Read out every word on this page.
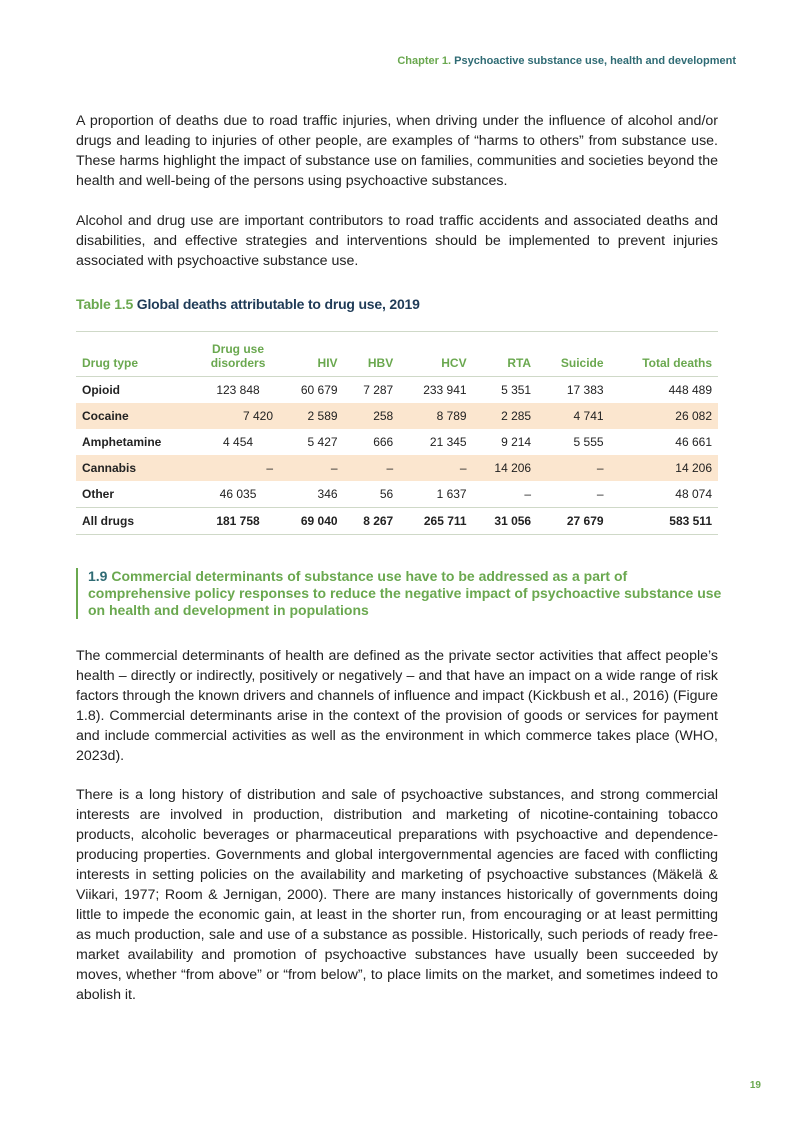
Chapter 1. Psychoactive substance use, health and development

A proportion of deaths due to road traffic injuries, when driving under the influence of alcohol and/or drugs and leading to injuries of other people, are examples of “harms to others” from substance use. These harms highlight the impact of substance use on families, communities and societies beyond the health and well-being of the persons using psychoactive substances.

Alcohol and drug use are important contributors to road traffic accidents and associated deaths and disabilities, and effective strategies and interventions should be implemented to prevent injuries associated with psychoactive substance use.

Table 1.5 Global deaths attributable to drug use, 2019
Drug type	Drug use disorders	HIV	HBV	HCV	RTA	Suicide	Total deaths
Opioid	123 848	60 679	7 287	233 941	5 351	17 383	448 489
Cocaine	7 420	2 589	258	8 789	2 285	4 741	26 082
Amphetamine	4 454	5 427	666	21 345	9 214	5 555	46 661
Cannabis	–	–	–	–	14 206	–	14 206
Other	46 035	346	56	1 637	–	–	48 074
All drugs	181 758	69 040	8 267	265 711	31 056	27 679	583 511
1.9 Commercial determinants of substance use have to be addressed as a part of comprehensive policy responses to reduce the negative impact of psychoactive substance use on health and development in populations

The commercial determinants of health are defined as the private sector activities that affect people’s health – directly or indirectly, positively or negatively – and that have an impact on a wide range of risk factors through the known drivers and channels of influence and impact (Kickbush et al., 2016) (Figure 1.8). Commercial determinants arise in the context of the provision of goods or services for payment and include commercial activities as well as the environment in which commerce takes place (WHO, 2023d).

There is a long history of distribution and sale of psychoactive substances, and strong commercial interests are involved in production, distribution and marketing of nicotine-containing tobacco products, alcoholic beverages or pharmaceutical preparations with psychoactive and dependence-producing properties. Governments and global intergovernmental agencies are faced with conflicting interests in setting policies on the availability and marketing of psychoactive substances (Mäkelä & Viikari, 1977; Room & Jernigan, 2000). There are many instances historically of governments doing little to impede the economic gain, at least in the shorter run, from encouraging or at least permitting as much production, sale and use of a substance as possible. Historically, such periods of ready free-market availability and promotion of psychoactive substances have usually been succeeded by moves, whether “from above” or “from below”, to place limits on the market, and sometimes indeed to abolish it.

19
